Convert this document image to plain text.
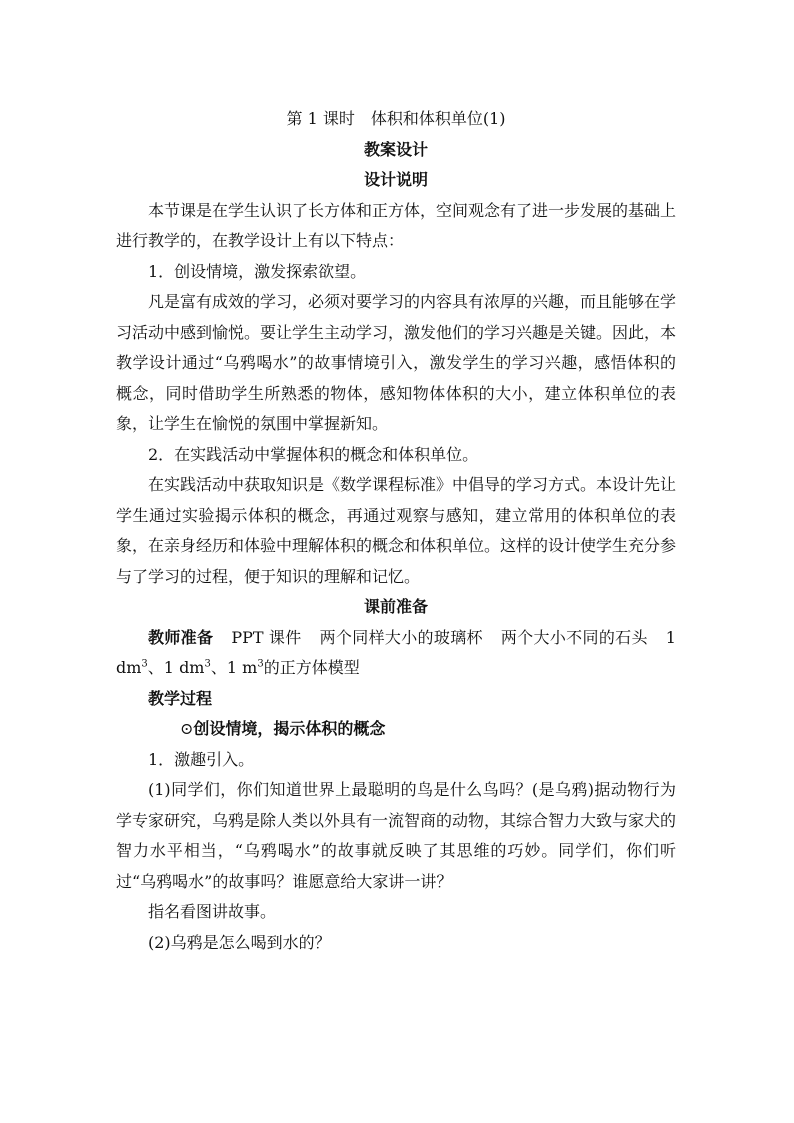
第 1 课时　体积和体积单位(1)

教案设计

设计说明

本节课是在学生认识了长方体和正方体，空间观念有了进一步发展的基础上进行教学的，在教学设计上有以下特点：

1．创设情境，激发探索欲望。

凡是富有成效的学习，必须对要学习的内容具有浓厚的兴趣，而且能够在学习活动中感到愉悦。要让学生主动学习，激发他们的学习兴趣是关键。因此，本教学设计通过“乌鸦喝水”的故事情境引入，激发学生的学习兴趣，感悟体积的概念，同时借助学生所熟悉的物体，感知物体体积的大小，建立体积单位的表象，让学生在愉悦的氛围中掌握新知。

2．在实践活动中掌握体积的概念和体积单位。

在实践活动中获取知识是《数学课程标准》中倡导的学习方式。本设计先让学生通过实验揭示体积的概念，再通过观察与感知，建立常用的体积单位的表象，在亲身经历和体验中理解体积的概念和体积单位。这样的设计使学生充分参与了学习的过程，便于知识的理解和记忆。

课前准备

教师准备 PPT 课件 两个同样大小的玻璃杯 两个大小不同的石头 1 $dm^3$、1 $dm^3$、1 $m^3$的正方体模型

教学过程

⊙创设情境，揭示体积的概念

1．激趣引入。

(1)同学们，你们知道世界上最聪明的鸟是什么鸟吗？(是乌鸦)据动物行为学专家研究，乌鸦是除人类以外具有一流智商的动物，其综合智力大致与家犬的智力水平相当，“乌鸦喝水”的故事就反映了其思维的巧妙。同学们，你们听过“乌鸦喝水”的故事吗？谁愿意给大家讲一讲？

指名看图讲故事。

(2)乌鸦是怎么喝到水的？
